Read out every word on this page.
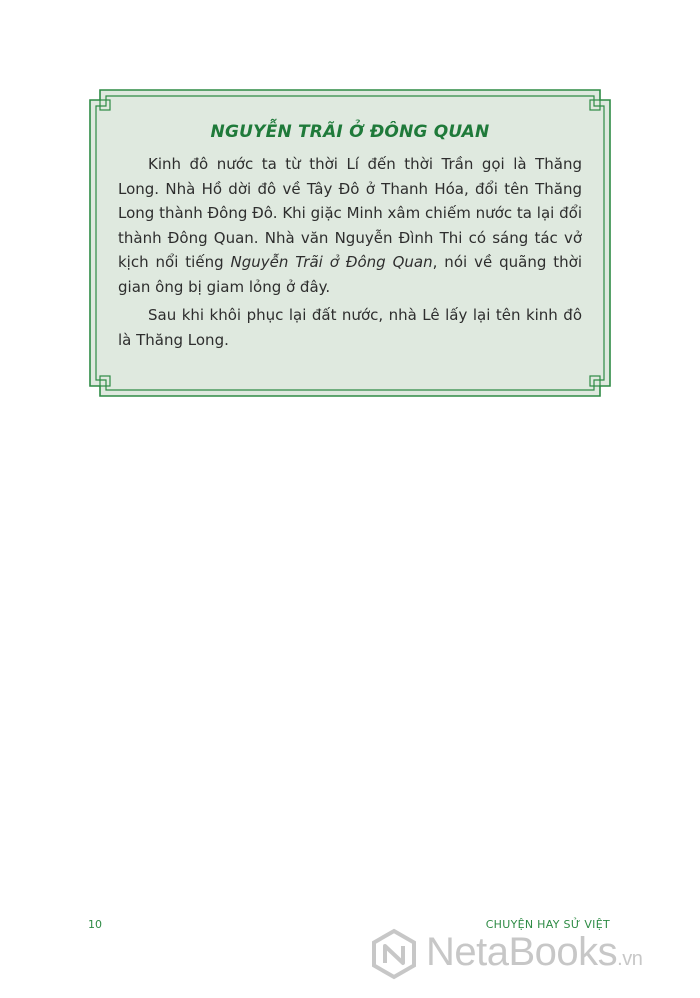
NGUYỄN TRÃI Ở ĐÔNG QUAN

Kinh đô nước ta từ thời Lí đến thời Trần gọi là Thăng Long. Nhà Hồ dời đô về Tây Đô ở Thanh Hóa, đổi tên Thăng Long thành Đông Đô. Khi giặc Minh xâm chiếm nước ta lại đổi thành Đông Quan. Nhà văn Nguyễn Đình Thi có sáng tác vở kịch nổi tiếng Nguyễn Trãi ở Đông Quan, nói về quãng thời gian ông bị giam lỏng ở đây.

Sau khi khôi phục lại đất nước, nhà Lê lấy lại tên kinh đô là Thăng Long.

10	CHUYỆN HAY SỬ VIỆT
NetaBooks.vn
